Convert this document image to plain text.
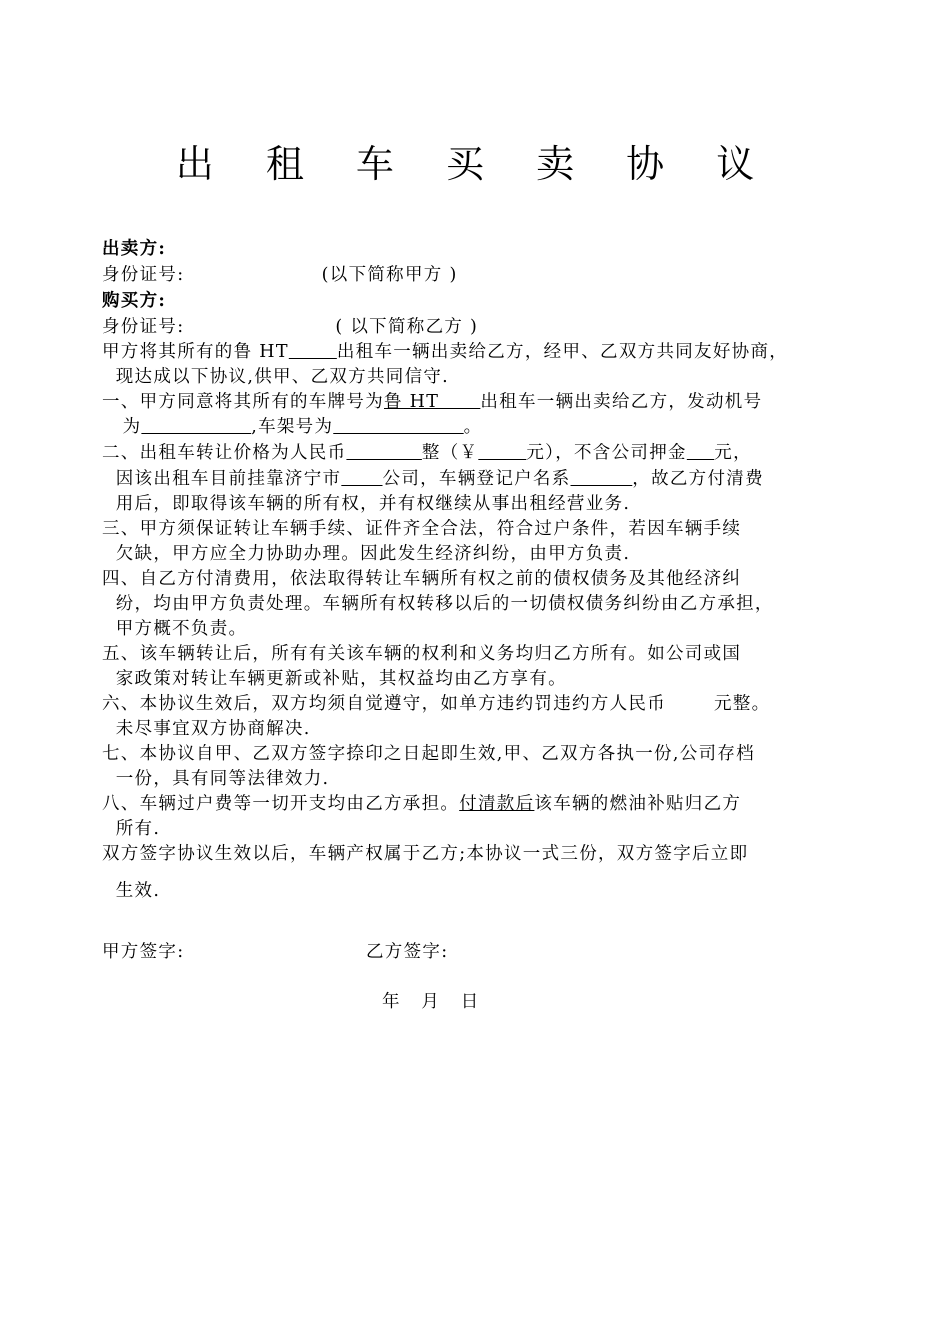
出 租 车 买 卖 协 议
出卖方:
身份证号:                    (以下简称甲方 )
购买方:
身份证号:                      ( 以下简称乙方 )
甲方将其所有的鲁 HT	出租车一辆出卖给乙方，经甲、乙双方共同友好协商，
现达成以下协议,供甲、乙双方共同信守.
一、甲方同意将其所有的车牌号为鲁 HT      出租车一辆出卖给乙方，发动机号
为	,车架号为	。
二、出租车转让价格为人民币	整（￥	元），不含公司押金 元，
因该出租车目前挂靠济宁市 公司，车辆登记户名系	，故乙方付清费
用后，即取得该车辆的所有权，并有权继续从事出租经营业务.
三、甲方须保证转让车辆手续、证件齐全合法，符合过户条件，若因车辆手续
欠缺，甲方应全力协助办理。因此发生经济纠纷，由甲方负责.
四、自乙方付清费用，依法取得转让车辆所有权之前的债权债务及其他经济纠
纷，均由甲方负责处理。车辆所有权转移以后的一切债权债务纠纷由乙方承担，
甲方概不负责。
五、该车辆转让后，所有有关该车辆的权利和义务均归乙方所有。如公司或国
家政策对转让车辆更新或补贴，其权益均由乙方享有。
六、本协议生效后，双方均须自觉遵守，如单方违约罚违约方人民币       元整。
未尽事宜双方协商解决.
七、本协议自甲、乙双方签字捺印之日起即生效,甲、乙双方各执一份,公司存档
一份，具有同等法律效力.
八、车辆过户费等一切开支均由乙方承担。付清款后该车辆的燃油补贴归乙方
所有.
双方签字协议生效以后，车辆产权属于乙方;本协议一式三份，双方签字后立即
生效.
甲方签字:	乙方签字:
年   月   日
